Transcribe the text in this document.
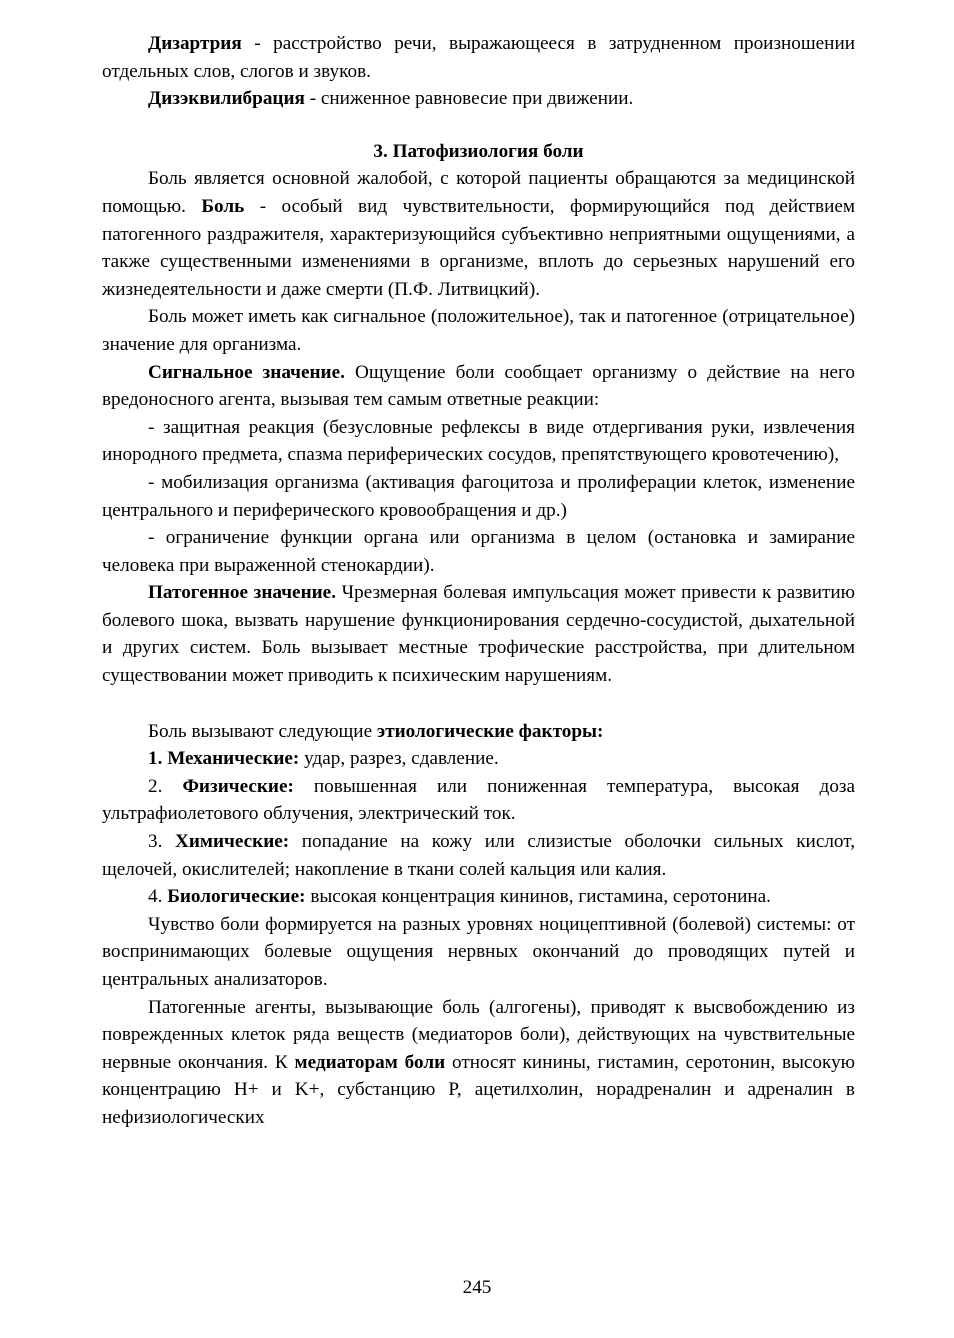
Дизартрия - расстройство речи, выражающееся в затрудненном произношении отдельных слов, слогов и звуков.

Дизэквилибрация - сниженное равновесие при движении.

3. Патофизиология боли

Боль является основной жалобой, с которой пациенты обращаются за медицинской помощью. Боль - особый вид чувствительности, формирующийся под действием патогенного раздражителя, характеризующийся субъективно неприятными ощущениями, а также существенными изменениями в организме, вплоть до серьезных нарушений его жизнедеятельности и даже смерти (П.Ф. Литвицкий).

Боль может иметь как сигнальное (положительное), так и патогенное (отрицательное) значение для организма.

Сигнальное значение. Ощущение боли сообщает организму о действие на него вредоносного агента, вызывая тем самым ответные реакции:

- защитная реакция (безусловные рефлексы в виде отдергивания руки, извлечения инородного предмета, спазма периферических сосудов, препятствующего кровотечению),

- мобилизация организма (активация фагоцитоза и пролиферации клеток, изменение центрального и периферического кровообращения и др.)

- ограничение функции органа или организма в целом (остановка и замирание человека при выраженной стенокардии).

Патогенное значение. Чрезмерная болевая импульсация может привести к развитию болевого шока, вызвать нарушение функционирования сердечно-сосудистой, дыхательной и других систем. Боль вызывает местные трофические расстройства, при длительном существовании может приводить к психическим нарушениям.

Боль вызывают следующие этиологические факторы:

1. Механические: удар, разрез, сдавление.

2. Физические: повышенная или пониженная температура, высокая доза ультрафиолетового облучения, электрический ток.

3. Химические: попадание на кожу или слизистые оболочки сильных кислот, щелочей, окислителей; накопление в ткани солей кальция или калия.

4. Биологические: высокая концентрация кининов, гистамина, серотонина.

Чувство боли формируется на разных уровнях ноцицептивной (болевой) системы: от воспринимающих болевые ощущения нервных окончаний до проводящих путей и центральных анализаторов.

Патогенные агенты, вызывающие боль (алгогены), приводят к высвобождению из поврежденных клеток ряда веществ (медиаторов боли), действующих на чувствительные нервные окончания. К медиаторам боли относят кинины, гистамин, серотонин, высокую концентрацию H+ и K+, субстанцию P, ацетилхолин, норадреналин и адреналин в нефизиологических

245
